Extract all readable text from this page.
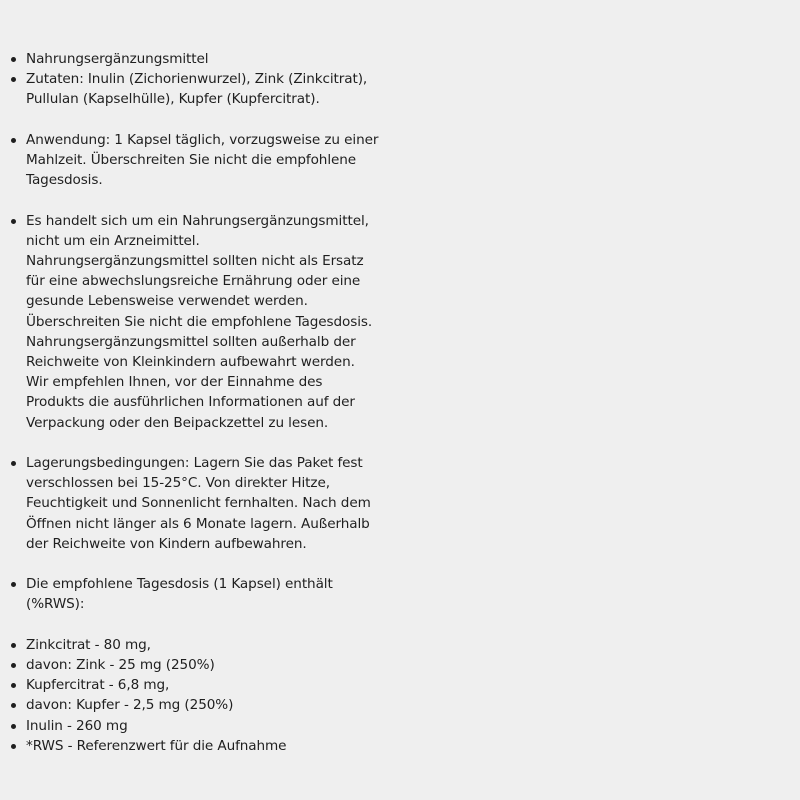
Nahrungsergänzungsmittel
Zutaten: Inulin (Zichorienwurzel), Zink (Zinkcitrat),
Pullulan (Kapselhülle), Kupfer (Kupfercitrat).
Anwendung: 1 Kapsel täglich, vorzugsweise zu einer
Mahlzeit. Überschreiten Sie nicht die empfohlene
Tagesdosis.
Es handelt sich um ein Nahrungsergänzungsmittel,
nicht um ein Arzneimittel.
Nahrungsergänzungsmittel sollten nicht als Ersatz
für eine abwechslungsreiche Ernährung oder eine
gesunde Lebensweise verwendet werden.
Überschreiten Sie nicht die empfohlene Tagesdosis.
Nahrungsergänzungsmittel sollten außerhalb der
Reichweite von Kleinkindern aufbewahrt werden.
Wir empfehlen Ihnen, vor der Einnahme des
Produkts die ausführlichen Informationen auf der
Verpackung oder den Beipackzettel zu lesen.
Lagerungsbedingungen: Lagern Sie das Paket fest
verschlossen bei 15-25°C. Von direkter Hitze,
Feuchtigkeit und Sonnenlicht fernhalten. Nach dem
Öffnen nicht länger als 6 Monate lagern. Außerhalb
der Reichweite von Kindern aufbewahren.
Die empfohlene Tagesdosis (1 Kapsel) enthält
(%RWS):
Zinkcitrat - 80 mg,
davon: Zink - 25 mg (250%)
Kupfercitrat - 6,8 mg,
davon: Kupfer - 2,5 mg (250%)
Inulin - 260 mg
*RWS - Referenzwert für die Aufnahme
